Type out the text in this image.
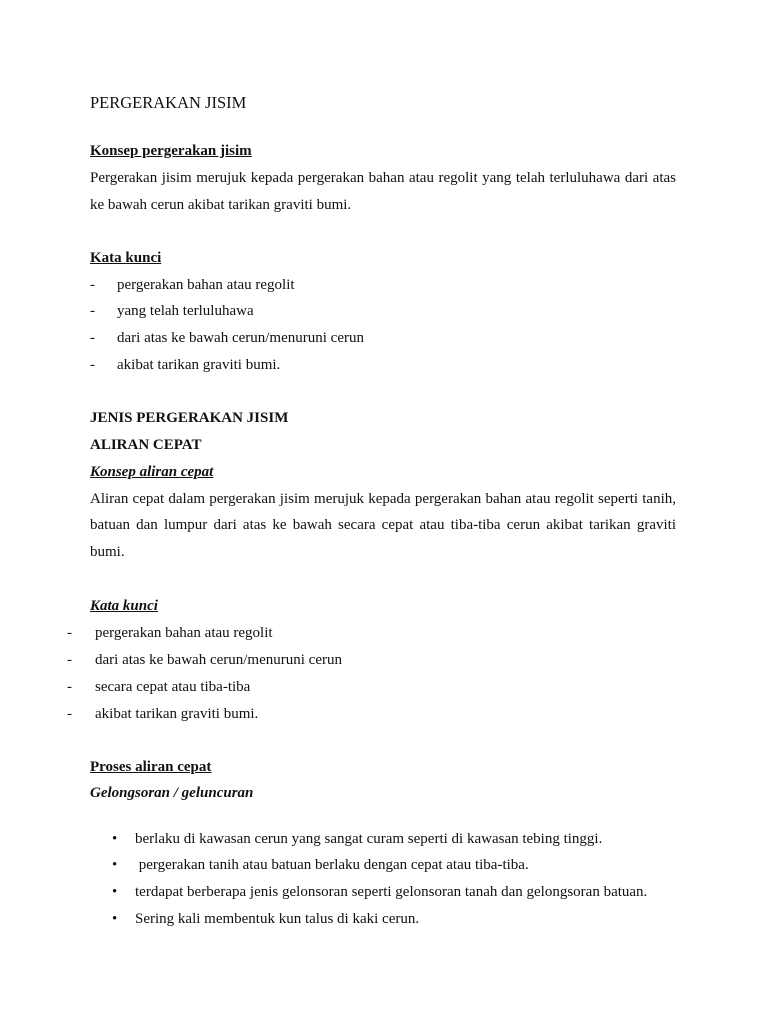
PERGERAKAN JISIM
Konsep pergerakan jisim
Pergerakan jisim merujuk kepada pergerakan bahan atau regolit yang telah terluluhawa dari atas
ke bawah cerun akibat tarikan graviti bumi.
Kata kunci
- pergerakan bahan atau regolit
- yang telah terluluhawa
- dari atas ke bawah cerun/menuruni cerun
- akibat tarikan graviti bumi.
JENIS PERGERAKAN JISIM
ALIRAN CEPAT
Konsep aliran cepat
Aliran cepat dalam pergerakan jisim merujuk kepada pergerakan bahan atau regolit seperti tanih,
batuan dan lumpur dari atas ke bawah secara cepat atau tiba-tiba cerun akibat tarikan graviti
bumi.
Kata kunci
- pergerakan bahan atau regolit
- dari atas ke bawah cerun/menuruni cerun
- secara cepat atau tiba-tiba
- akibat tarikan graviti bumi.
Proses aliran cepat
Gelongsoran / geluncuran
• berlaku di kawasan cerun yang sangat curam seperti di kawasan tebing tinggi.
• pergerakan tanih atau batuan berlaku dengan cepat atau tiba-tiba.
• terdapat berberapa jenis gelonsoran seperti gelonsoran tanah dan gelongsoran batuan.
• Sering kali membentuk kun talus di kaki cerun.
